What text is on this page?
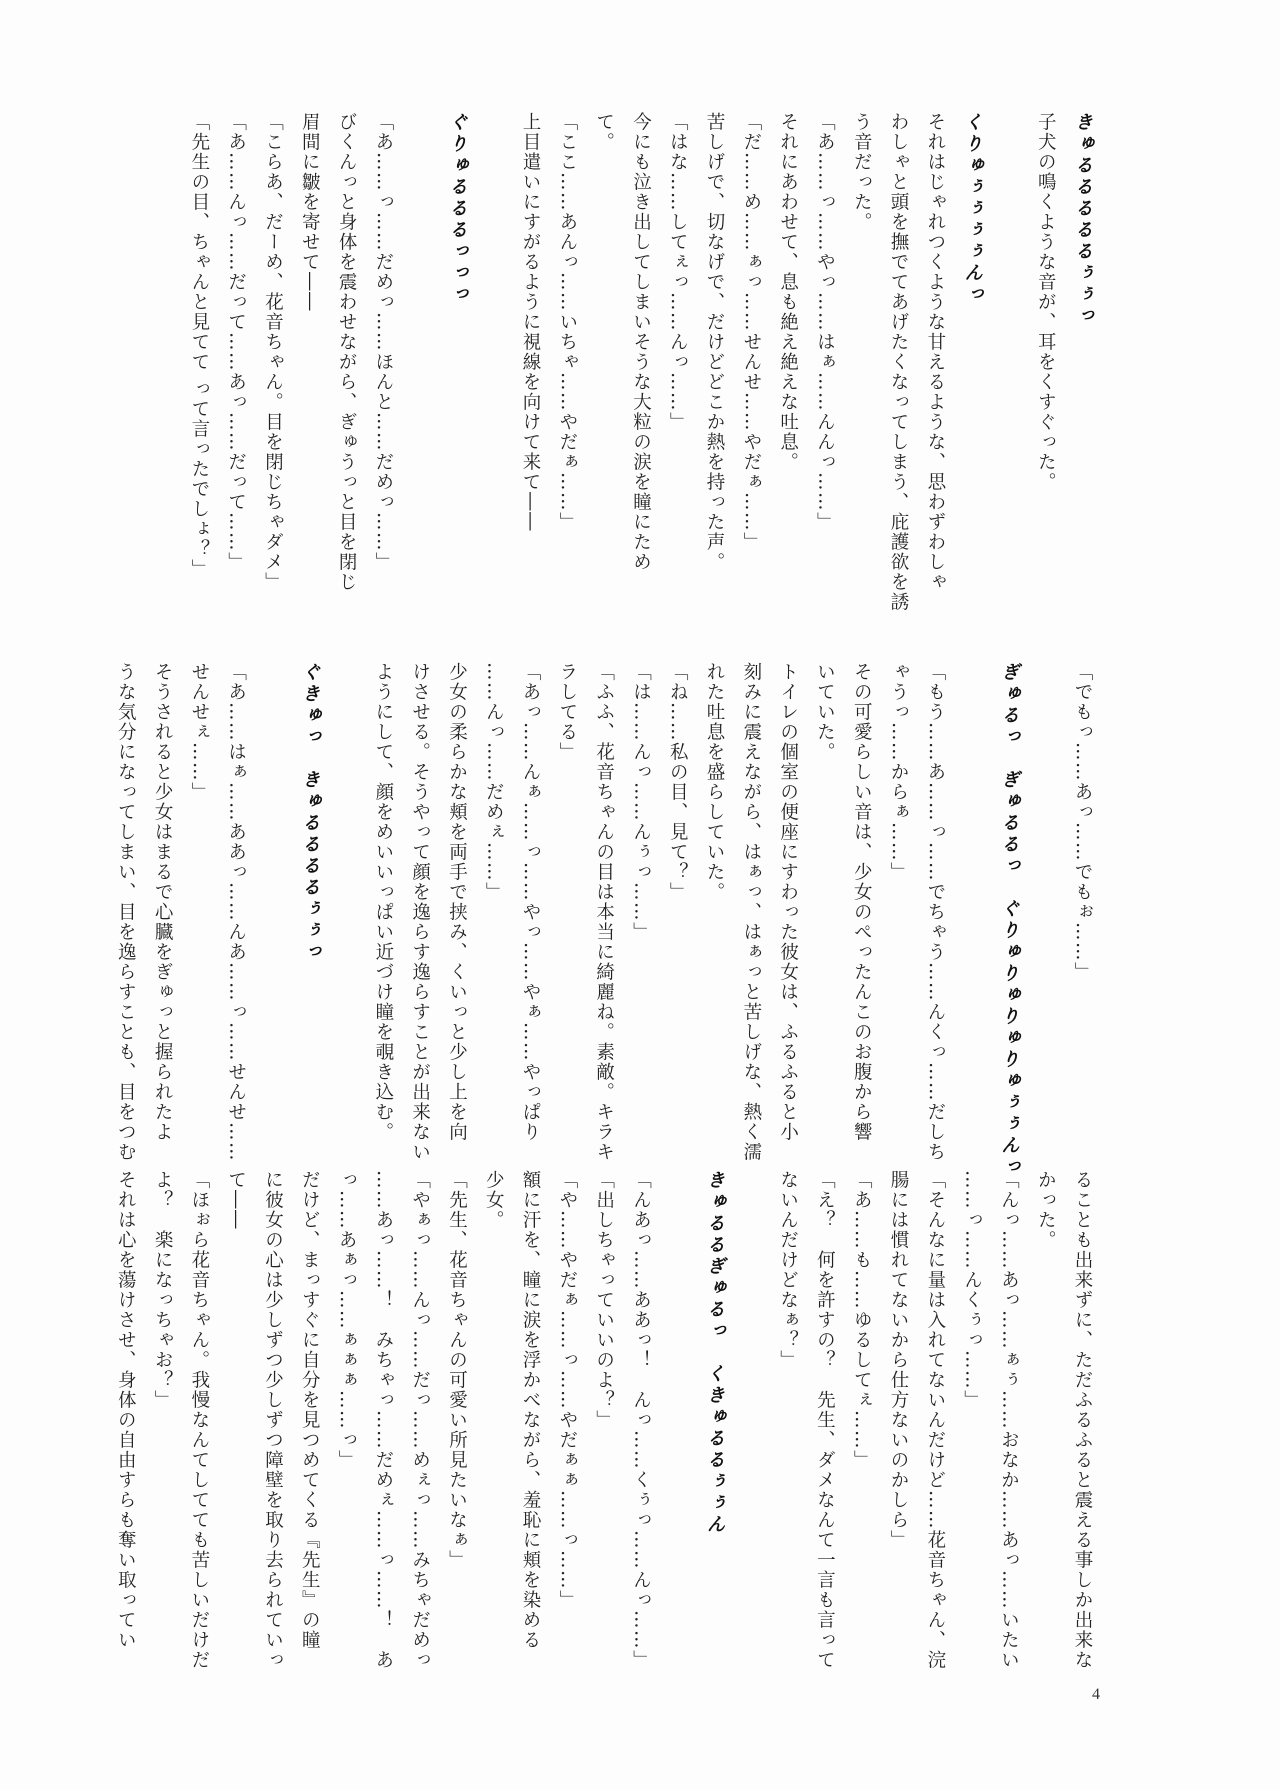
きゅるるるるるぅぅっ
子犬の鳴くような音が、耳をくすぐった。

くりゅぅぅぅぅんっ
それはじゃれつくような甘えるような、思わずわしゃ
わしゃと頭を撫でてあげたくなってしまう、庇護欲を誘
う音だった。
「あ……っ……やっ……はぁ……んんっ……」
それにあわせて、息も絶え絶えな吐息。
「だ……め……ぁっ……せんせ……やだぁ……」
苦しげで、切なげで、だけどどこか熱を持った声。
「はな……してぇっ……んっ……」
今にも泣き出してしまいそうな大粒の涙を瞳にため
て。
「ここ……あんっ……いちゃ……やだぁ……」
上目遣いにすがるように視線を向けて来て――

ぐりゅるるるっっっ

「あ……っ……だめっ……ほんと……だめっ……」
びくんっと身体を震わせながら、ぎゅうっと目を閉じ
眉間に皺を寄せて――
「こらあ、だーめ、花音ちゃん。目を閉じちゃダメ」
「あ……んっ……だって……あっ……だって……」
「先生の目、ちゃんと見てて って言ったでしょ？」
「でもっ……あっ……でもぉ……」

ぎゅるっ　ぎゅるるっ　ぐりゅりゅりゅりゅぅぅんっ

「もう……あ……っ……でちゃう……んくっ……だしち
ゃうっ……からぁ……」
その可愛らしい音は、少女のぺったんこのお腹から響
いていた。
トイレの個室の便座にすわった彼女は、ふるふると小
刻みに震えながら、はぁっ、はぁっと苦しげな、熱く濡
れた吐息を盛らしていた。
「ね……私の目、見て？」
「は……んっ……んぅっ……」
「ふふ、花音ちゃんの目は本当に綺麗ね。素敵。キラキ
ラしてる」
「あっ……んぁ……っ……やっ……やぁ……やっぱり
……んっ……だめぇ……」
少女の柔らかな頬を両手で挟み、くいっと少し上を向
けさせる。そうやって顔を逸らす逸らすことが出来ない
ようにして、顔をめいいっぱい近づけ瞳を覗き込む。

ぐきゅっ　きゅるるるるぅぅっ

「あ……はぁ……ああっ……んあ……っ……せんせ……
せんせぇ……」
そうされると少女はまるで心臓をぎゅっと握られたよ
うな気分になってしまい、目を逸らすことも、目をつむ
ることも出来ずに、ただふるふると震える事しか出来な
かった。
「んっ……あっ……ぁぅ……おなか……あっ……いたい
……っ……んくぅっ……」
「そんなに量は入れてないんだけど……花音ちゃん、浣
腸には慣れてないから仕方ないのかしら」
「あ……も……ゆるしてぇ……」
「え？　何を許すの？　先生、ダメなんて一言も言って
ないんだけどなぁ？」

きゅるるぎゅるっ　くきゅるるぅぅん

「んあっ……ああっ！　んっ……くぅっ……んっ……」
「出しちゃっていいのよ？」
「や……やだぁ……っ……やだぁぁ……っ……」
額に汗を、瞳に涙を浮かべながら、羞恥に頬を染める
少女。
「先生、花音ちゃんの可愛い所見たいなぁ」
「やぁっ……んっ……だっ……めぇっ……みちゃだめっ
……あっ……！　みちゃっ……だめぇ……っ……！　あ
っ……あぁっ……ぁぁぁ……っ」
だけど、まっすぐに自分を見つめてくる『先生』の瞳
に彼女の心は少しずつ少しずつ障壁を取り去られていっ
て――
「ほぉら花音ちゃん。我慢なんてしてても苦しいだけだ
よ？　楽になっちゃお？」
それは心を蕩けさせ、身体の自由すらも奪い取ってい
4
